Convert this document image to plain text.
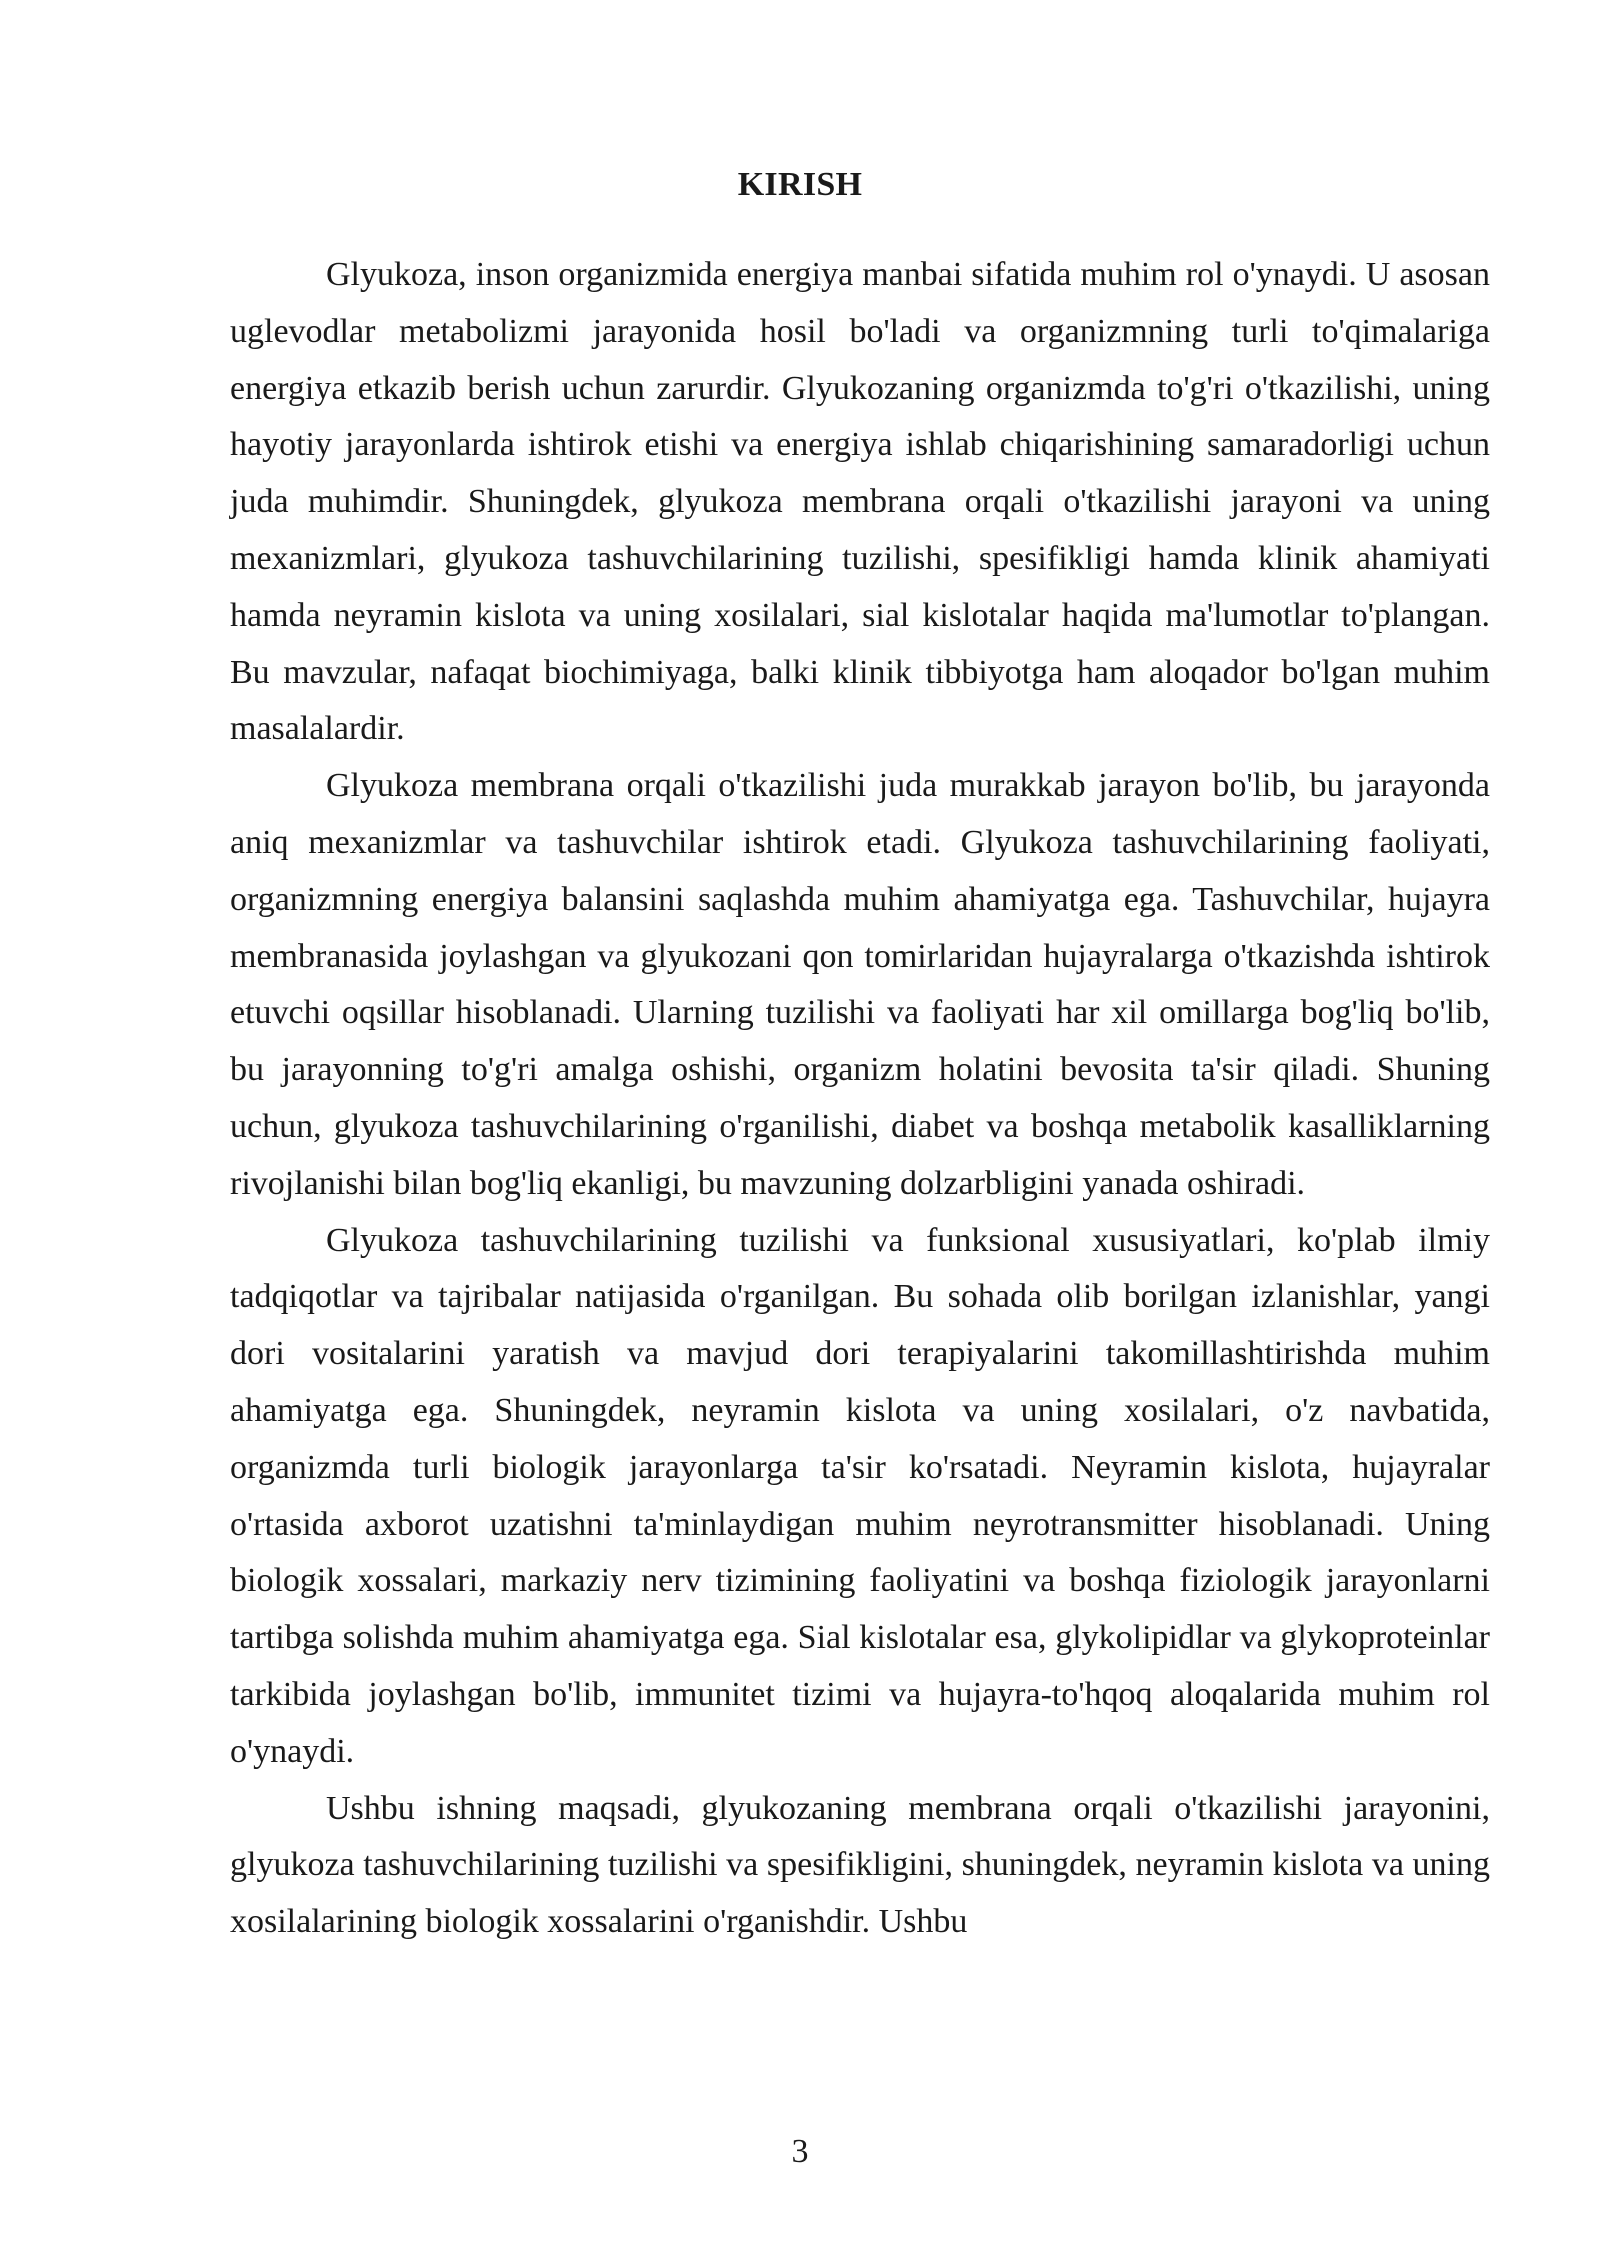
KIRISH

Glyukoza, inson organizmida energiya manbai sifatida muhim rol o'ynaydi. U asosan uglevodlar metabolizmi jarayonida hosil bo'ladi va organizmning turli to'qimalariga energiya etkazib berish uchun zarurdir. Glyukozaning organizmda to'g'ri o'tkazilishi, uning hayotiy jarayonlarda ishtirok etishi va energiya ishlab chiqarishining samaradorligi uchun juda muhimdir. Shuningdek, glyukoza membrana orqali o'tkazilishi jarayoni va uning mexanizmlari, glyukoza tashuvchilarining tuzilishi, spesifikligi hamda klinik ahamiyati hamda neyramin kislota va uning xosilalari, sial kislotalar haqida ma'lumotlar to'plangan. Bu mavzular, nafaqat biochimiyaga, balki klinik tibbiyotga ham aloqador bo'lgan muhim masalalardir.

Glyukoza membrana orqali o'tkazilishi juda murakkab jarayon bo'lib, bu jarayonda aniq mexanizmlar va tashuvchilar ishtirok etadi. Glyukoza tashuvchilarining faoliyati, organizmning energiya balansini saqlashda muhim ahamiyatga ega. Tashuvchilar, hujayra membranasida joylashgan va glyukozani qon tomirlaridan hujayralarga o'tkazishda ishtirok etuvchi oqsillar hisoblanadi. Ularning tuzilishi va faoliyati har xil omillarga bog'liq bo'lib, bu jarayonning to'g'ri amalga oshishi, organizm holatini bevosita ta'sir qiladi. Shuning uchun, glyukoza tashuvchilarining o'rganilishi, diabet va boshqa metabolik kasalliklarning rivojlanishi bilan bog'liq ekanligi, bu mavzuning dolzarbligini yanada oshiradi.

Glyukoza tashuvchilarining tuzilishi va funksional xususiyatlari, ko'plab ilmiy tadqiqotlar va tajribalar natijasida o'rganilgan. Bu sohada olib borilgan izlanishlar, yangi dori vositalarini yaratish va mavjud dori terapiyalarini takomillashtirishda muhim ahamiyatga ega. Shuningdek, neyramin kislota va uning xosilalari, o'z navbatida, organizmda turli biologik jarayonlarga ta'sir ko'rsatadi. Neyramin kislota, hujayralar o'rtasida axborot uzatishni ta'minlaydigan muhim neyrotransmitter hisoblanadi. Uning biologik xossalari, markaziy nerv tizimining faoliyatini va boshqa fiziologik jarayonlarni tartibga solishda muhim ahamiyatga ega. Sial kislotalar esa, glykolipidlar va glykoproteinlar tarkibida joylashgan bo'lib, immunitet tizimi va hujayra-to'hqoq aloqalarida muhim rol o'ynaydi.

Ushbu ishning maqsadi, glyukozaning membrana orqali o'tkazilishi jarayonini, glyukoza tashuvchilarining tuzilishi va spesifikligini, shuningdek, neyramin kislota va uning xosilalarining biologik xossalarini o'rganishdir. Ushbu

3
